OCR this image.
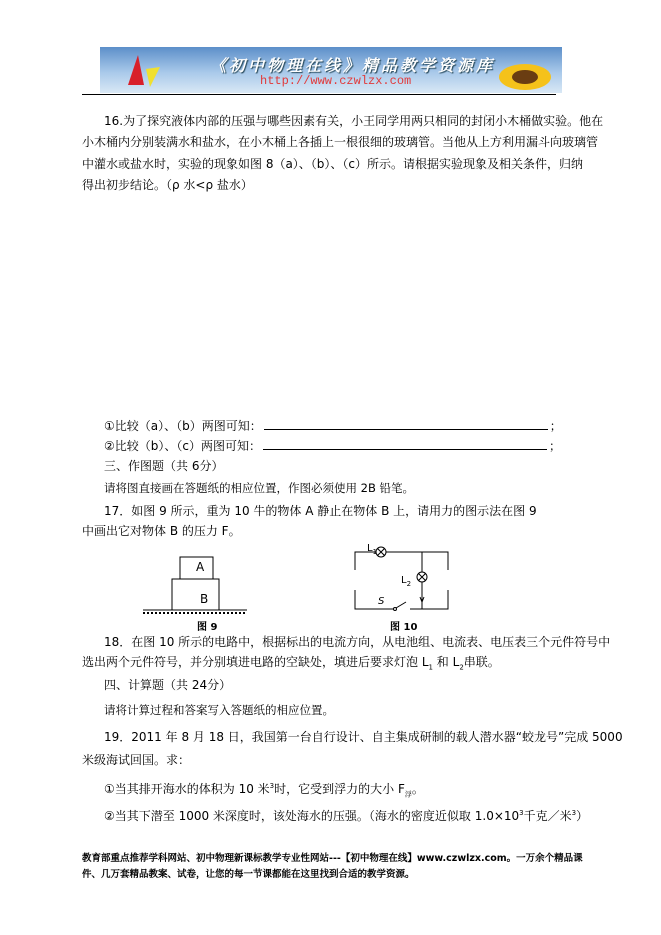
《初中物理在线》精品教学资源库
http://www.czwlzx.com
16.为了探究液体内部的压强与哪些因素有关，小王同学用两只相同的封闭小木桶做实验。他在
小木桶内分别装满水和盐水，在小木桶上各插上一根很细的玻璃管。当他从上方利用漏斗向玻璃管
中灌水或盐水时，实验的现象如图 8（a）、（b）、（c）所示。请根据实验现象及相关条件，归纳
得出初步结论。（ρ 水<ρ 盐水）
①比较（a）、（b）两图可知：	；
②比较（b）、（c）两图可知：	；
三、作图题（共 6分）
请将图直接画在答题纸的相应位置，作图必须使用 2B 铅笔。
17．如图 9 所示，重为 10 牛的物体 A 静止在物体 B 上，请用力的图示法在图 9
中画出它对物体 B 的压力 F。
A
B
图 9
$L_1$
$L_2$
S
图 10
18．在图 10 所示的电路中，根据标出的电流方向，从电池组、电流表、电压表三个元件符号中
选出两个元件符号，并分别填进电路的空缺处，填进后要求灯泡 $L_1$ 和 $L_2$串联。
四、计算题（共 24分）
请将计算过程和答案写入答题纸的相应位置。
19．2011 年 8 月 18 日，我国第一台自行设计、自主集成研制的载人潜水器“蛟龙号”完成 5000
米级海试回国。求：
①当其排开海水的体积为 10 米$^3$时，它受到浮力的大小 $F_浮$。
②当其下潜至 1000 米深度时，该处海水的压强。（海水的密度近似取 $1.0\times 10^3$千克／米$^3$）
教育部重点推荐学科网站、初中物理新课标教学专业性网站---【初中物理在线】www.czwlzx.com。一万余个精品课
件、几万套精品教案、试卷，让您的每一节课都能在这里找到合适的教学资源。
